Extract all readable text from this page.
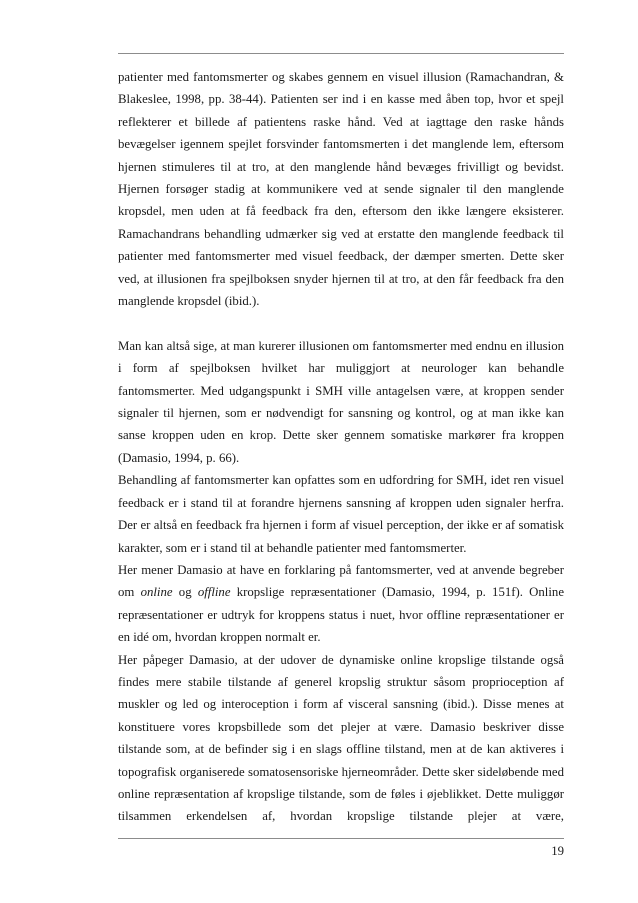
patienter med fantomsmerter og skabes gennem en visuel illusion (Ramachandran, & Blakeslee, 1998, pp. 38-44). Patienten ser ind i en kasse med åben top, hvor et spejl reflekterer et billede af patientens raske hånd. Ved at iagttage den raske hånds bevægelser igennem spejlet forsvinder fantomsmerten i det manglende lem, eftersom hjernen stimuleres til at tro, at den manglende hånd bevæges frivilligt og bevidst. Hjernen forsøger stadig at kommunikere ved at sende signaler til den manglende kropsdel, men uden at få feedback fra den, eftersom den ikke længere eksisterer. Ramachandrans behandling udmærker sig ved at erstatte den manglende feedback til patienter med fantomsmerter med visuel feedback, der dæmper smerten. Dette sker ved, at illusionen fra spejlboksen snyder hjernen til at tro, at den får feedback fra den manglende kropsdel (ibid.).

Man kan altså sige, at man kurerer illusionen om fantomsmerter med endnu en illusion i form af spejlboksen hvilket har muliggjort at neurologer kan behandle fantomsmerter. Med udgangspunkt i SMH ville antagelsen være, at kroppen sender signaler til hjernen, som er nødvendigt for sansning og kontrol, og at man ikke kan sanse kroppen uden en krop. Dette sker gennem somatiske markører fra kroppen (Damasio, 1994, p. 66).

Behandling af fantomsmerter kan opfattes som en udfordring for SMH, idet ren visuel feedback er i stand til at forandre hjernens sansning af kroppen uden signaler herfra. Der er altså en feedback fra hjernen i form af visuel perception, der ikke er af somatisk karakter, som er i stand til at behandle patienter med fantomsmerter.

Her mener Damasio at have en forklaring på fantomsmerter, ved at anvende begreber om online og offline kropslige repræsentationer (Damasio, 1994, p. 151f). Online repræsentationer er udtryk for kroppens status i nuet, hvor offline repræsentationer er en idé om, hvordan kroppen normalt er.

Her påpeger Damasio, at der udover de dynamiske online kropslige tilstande også findes mere stabile tilstande af generel kropslig struktur såsom proprioception af muskler og led og interoception i form af visceral sansning (ibid.). Disse menes at konstituere vores kropsbillede som det plejer at være. Damasio beskriver disse tilstande som, at de befinder sig i en slags offline tilstand, men at de kan aktiveres i topografisk organiserede somatosensoriske hjerneområder. Dette sker sideløbende med online repræsentation af kropslige tilstande, som de føles i øjeblikket. Dette muliggør tilsammen erkendelsen af, hvordan kropslige tilstande plejer at være,

19
